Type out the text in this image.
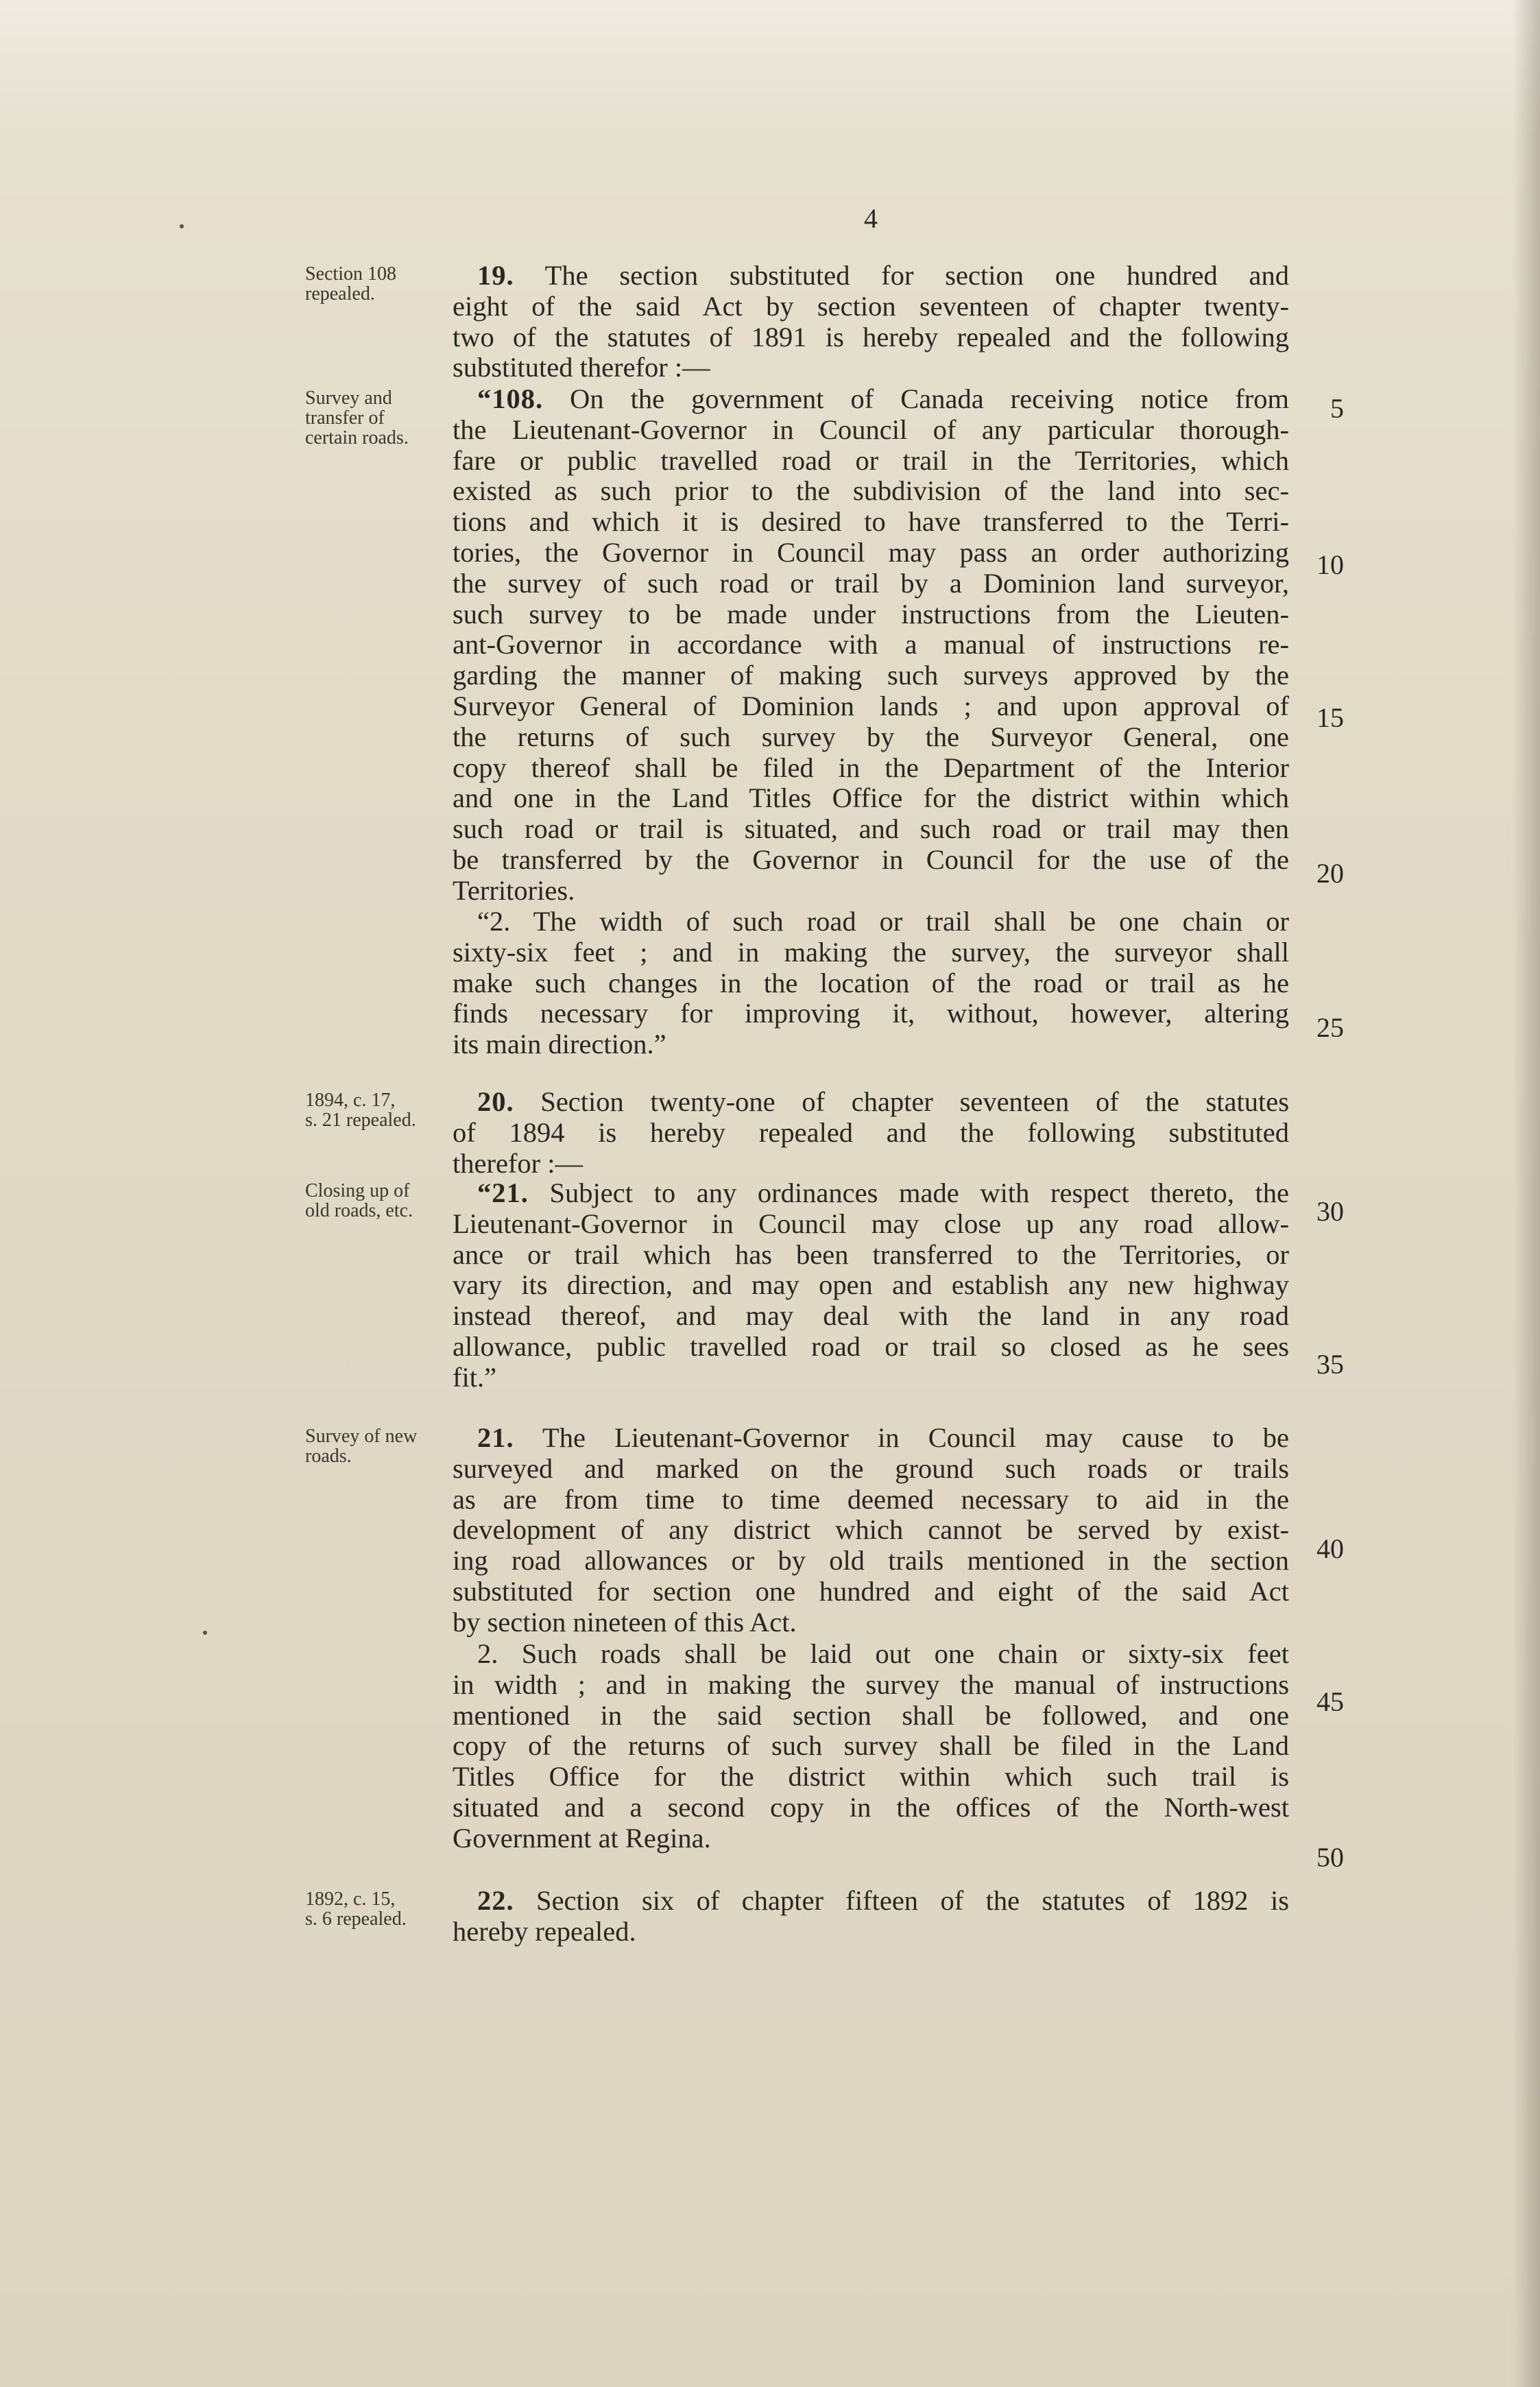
4
Section 108
repealed.
Survey and
transfer of
certain roads.
1894, c. 17,
s. 21 repealed.
Closing up of
old roads, etc.
Survey of new
roads.
1892, c. 15,
s. 6 repealed.
19. The section substituted for section one hundred and
eight of the said Act by section seventeen of chapter twenty-
two of the statutes of 1891 is hereby repealed and the following
substituted therefor :—
“108. On the government of Canada receiving notice from
the Lieutenant-Governor in Council of any particular thorough-
fare or public travelled road or trail in the Territories, which
existed as such prior to the subdivision of the land into sec-
tions and which it is desired to have transferred to the Terri-
tories, the Governor in Council may pass an order authorizing
the survey of such road or trail by a Dominion land surveyor,
such survey to be made under instructions from the Lieuten-
ant-Governor in accordance with a manual of instructions re-
garding the manner of making such surveys approved by the
Surveyor General of Dominion lands ; and upon approval of
the returns of such survey by the Surveyor General, one
copy thereof shall be filed in the Department of the Interior
and one in the Land Titles Office for the district within which
such road or trail is situated, and such road or trail may then
be transferred by the Governor in Council for the use of the
Territories.
“2. The width of such road or trail shall be one chain or
sixty-six feet ; and in making the survey, the surveyor shall
make such changes in the location of the road or trail as he
finds necessary for improving it, without, however, altering
its main direction.”
20. Section twenty-one of chapter seventeen of the statutes
of 1894 is hereby repealed and the following substituted
therefor :—
“21. Subject to any ordinances made with respect thereto, the
Lieutenant-Governor in Council may close up any road allow-
ance or trail which has been transferred to the Territories, or
vary its direction, and may open and establish any new highway
instead thereof, and may deal with the land in any road
allowance, public travelled road or trail so closed as he sees
fit.”
21. The Lieutenant-Governor in Council may cause to be
surveyed and marked on the ground such roads or trails
as are from time to time deemed necessary to aid in the
development of any district which cannot be served by exist-
ing road allowances or by old trails mentioned in the section
substituted for section one hundred and eight of the said Act
by section nineteen of this Act.
2. Such roads shall be laid out one chain or sixty-six feet
in width ; and in making the survey the manual of instructions
mentioned in the said section shall be followed, and one
copy of the returns of such survey shall be filed in the Land
Titles Office for the district within which such trail is
situated and a second copy in the offices of the North-west
Government at Regina.
22. Section six of chapter fifteen of the statutes of 1892 is
hereby repealed.
5
10
15
20
25
30
35
40
45
50
